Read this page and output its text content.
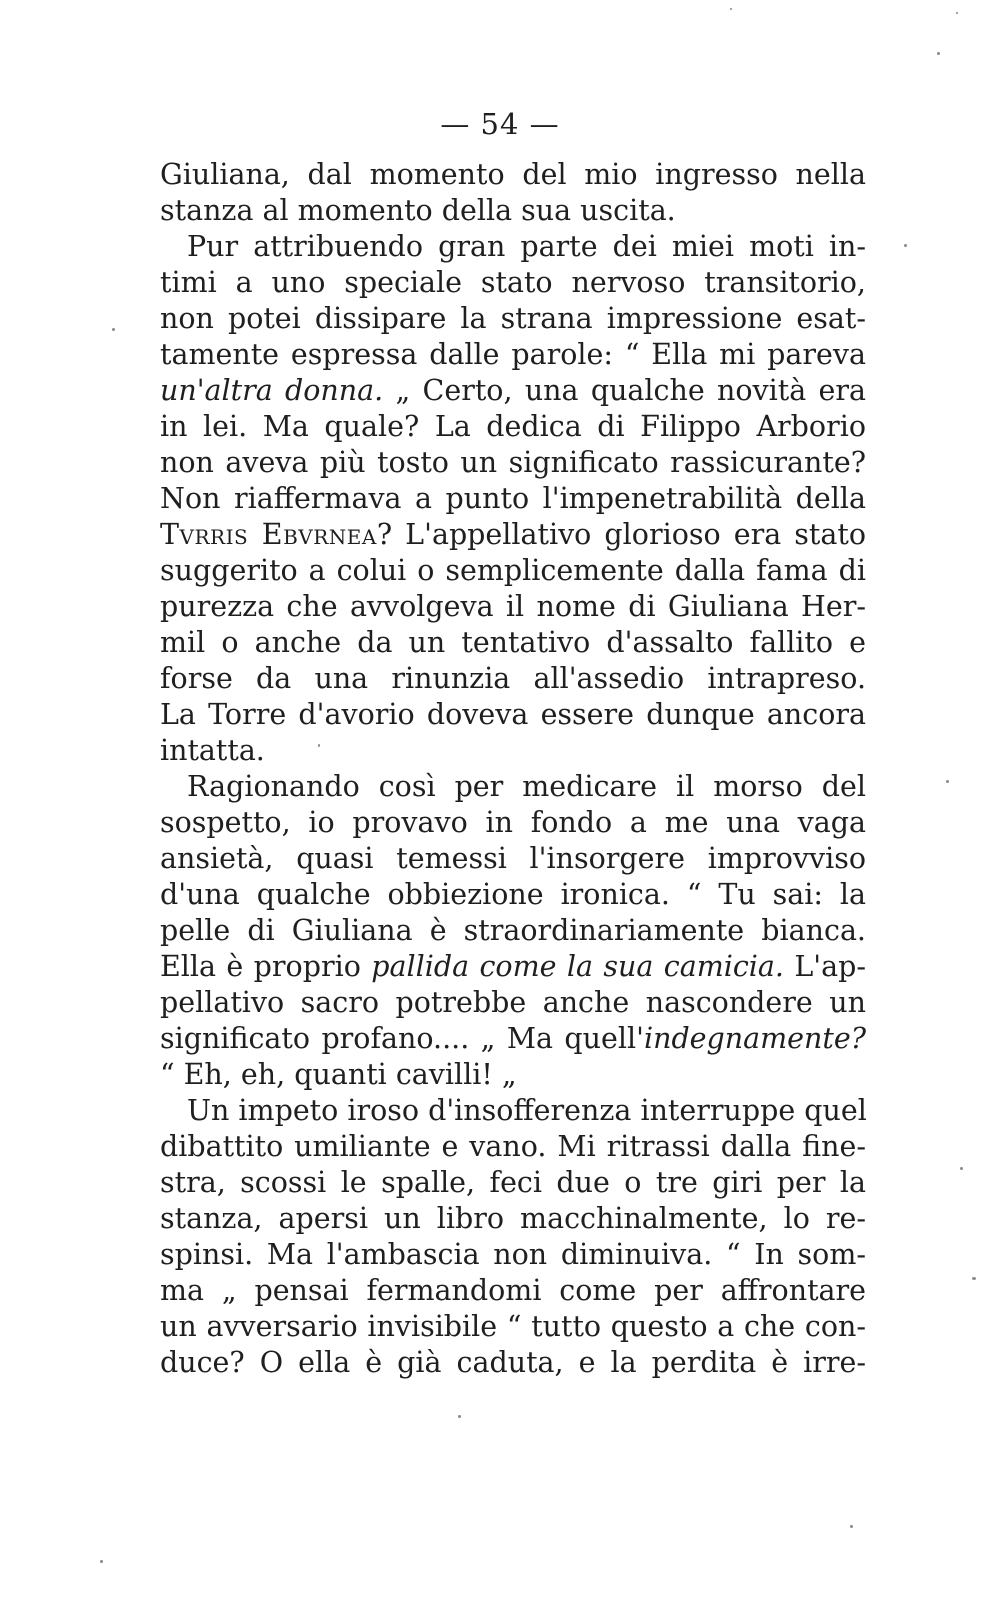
— 54 —
Giuliana, dal momento del mio ingresso nella
stanza al momento della sua uscita.
Pur attribuendo gran parte dei miei moti in-
timi a uno speciale stato nervoso transitorio,
non potei dissipare la strana impressione esat-
tamente espressa dalle parole: “ Ella mi pareva
un'altra donna. „ Certo, una qualche novità era
in lei. Ma quale? La dedica di Filippo Arborio
non aveva più tosto un significato rassicurante?
Non riaffermava a punto l'impenetrabilità della
Tvrris Ebvrnea? L'appellativo glorioso era stato
suggerito a colui o semplicemente dalla fama di
purezza che avvolgeva il nome di Giuliana Her-
mil o anche da un tentativo d'assalto fallito e
forse da una rinunzia all'assedio intrapreso.
La Torre d'avorio doveva essere dunque ancora
intatta.
Ragionando così per medicare il morso del
sospetto, io provavo in fondo a me una vaga
ansietà, quasi temessi l'insorgere improvviso
d'una qualche obbiezione ironica. “ Tu sai: la
pelle di Giuliana è straordinariamente bianca.
Ella è proprio pallida come la sua camicia. L'ap-
pellativo sacro potrebbe anche nascondere un
significato profano.... „ Ma quell'indegnamente?
“ Eh, eh, quanti cavilli! „
Un impeto iroso d'insofferenza interruppe quel
dibattito umiliante e vano. Mi ritrassi dalla fine-
stra, scossi le spalle, feci due o tre giri per la
stanza, apersi un libro macchinalmente, lo re-
spinsi. Ma l'ambascia non diminuiva. “ In som-
ma „ pensai fermandomi come per affrontare
un avversario invisibile “ tutto questo a che con-
duce? O ella è già caduta, e la perdita è irre-
